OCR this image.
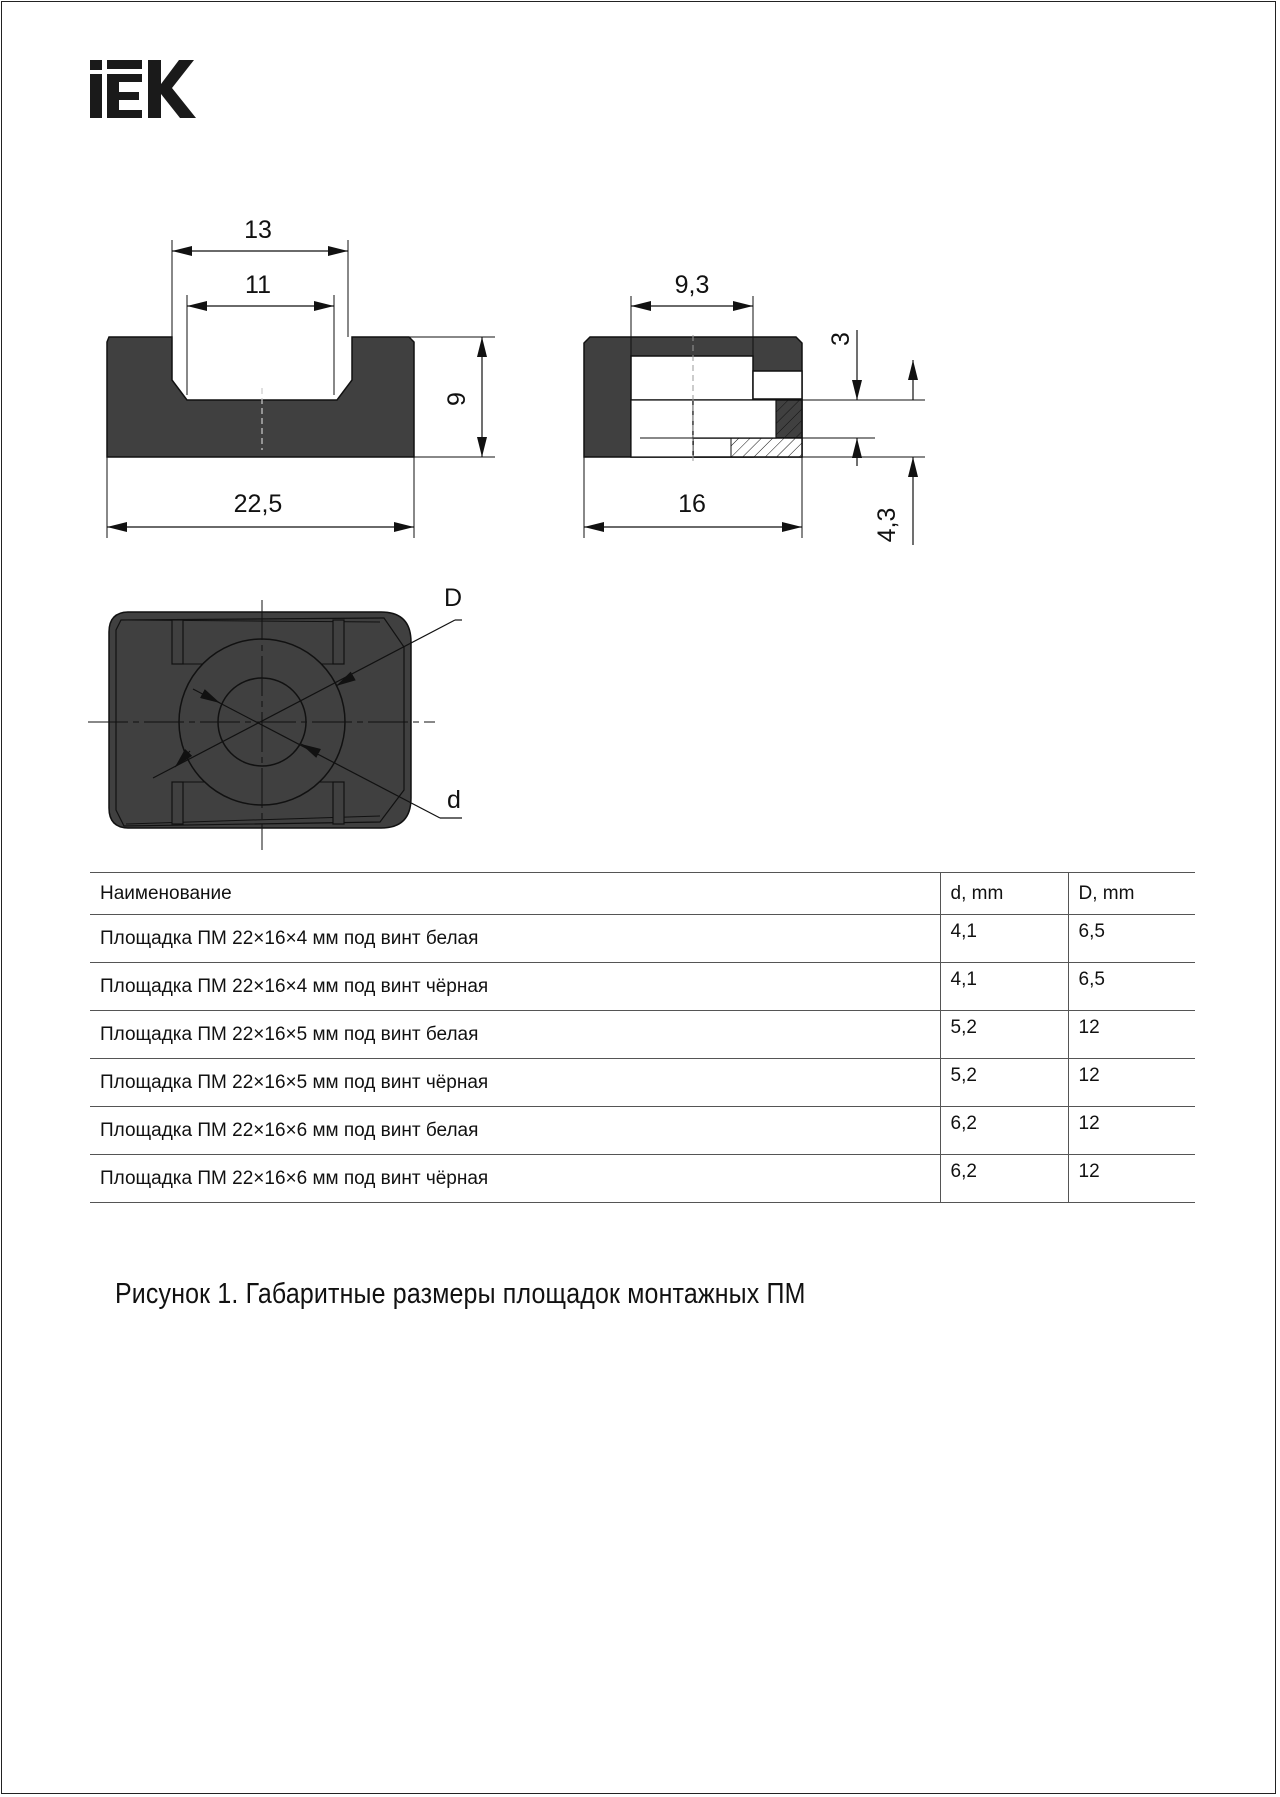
13
11
9
22,5
9,3
16
3
4,3
D
d
Наименование	d, mm	D, mm
Площадка ПМ 22×16×4 мм под винт белая	4,1	6,5
Площадка ПМ 22×16×4 мм под винт чёрная	4,1	6,5
Площадка ПМ 22×16×5 мм под винт белая	5,2	12
Площадка ПМ 22×16×5 мм под винт чёрная	5,2	12
Площадка ПМ 22×16×6 мм под винт белая	6,2	12
Площадка ПМ 22×16×6 мм под винт чёрная	6,2	12
Рисунок 1. Габаритные размеры площадок монтажных ПМ
